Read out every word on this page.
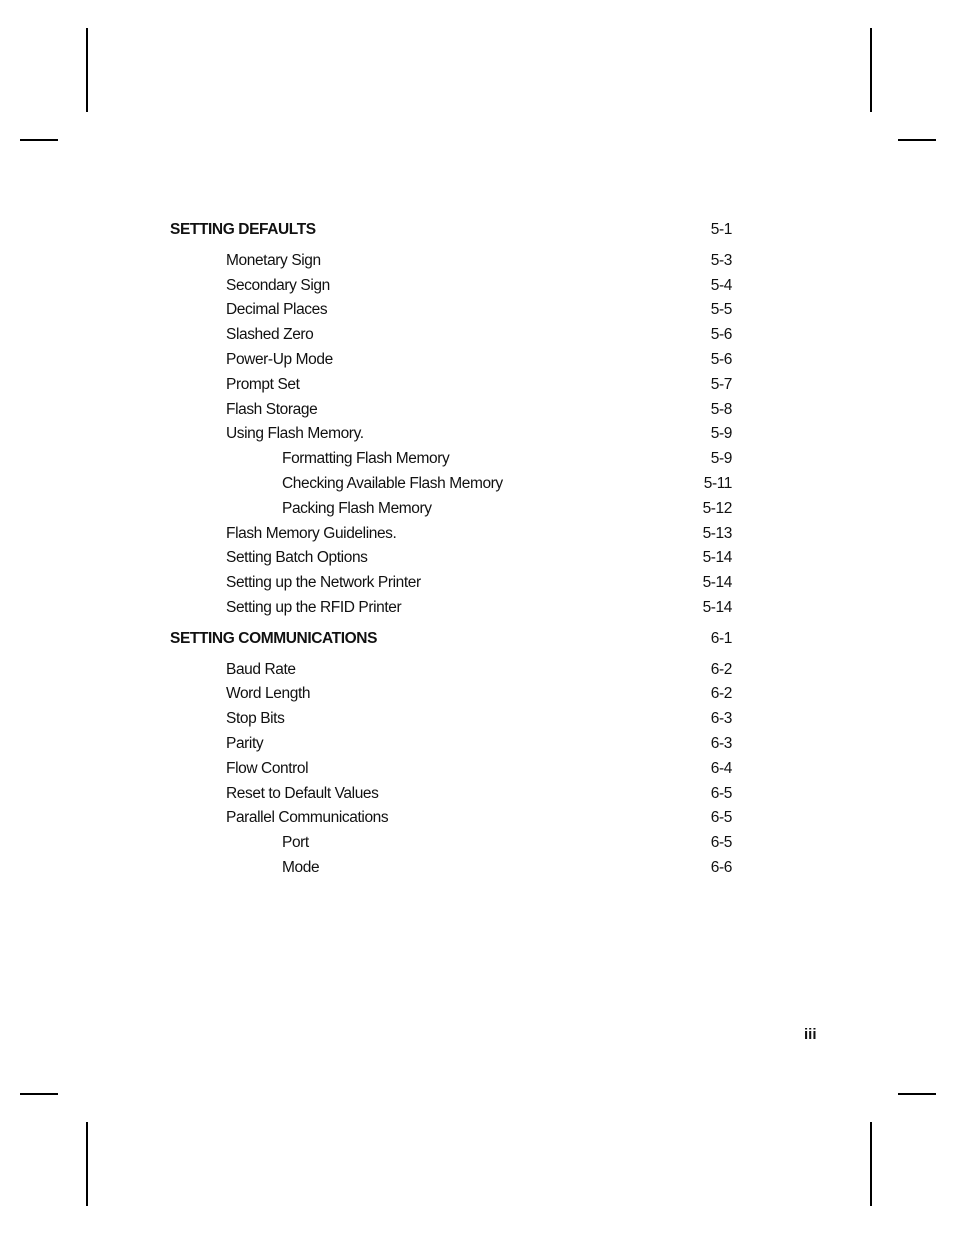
SETTING DEFAULTS	5-1
Monetary Sign	5-3
Secondary Sign	5-4
Decimal Places	5-5
Slashed Zero	5-6
Power-Up Mode	5-6
Prompt Set	5-7
Flash Storage	5-8
Using Flash Memory.	5-9
Formatting Flash Memory	5-9
Checking Available Flash Memory	5-11
Packing Flash Memory	5-12
Flash Memory Guidelines.	5-13
Setting Batch Options	5-14
Setting up the Network Printer	5-14
Setting up the RFID Printer	5-14
SETTING COMMUNICATIONS	6-1
Baud Rate	6-2
Word Length	6-2
Stop Bits	6-3
Parity	6-3
Flow Control	6-4
Reset to Default Values	6-5
Parallel Communications	6-5
Port	6-5
Mode	6-6
iii
